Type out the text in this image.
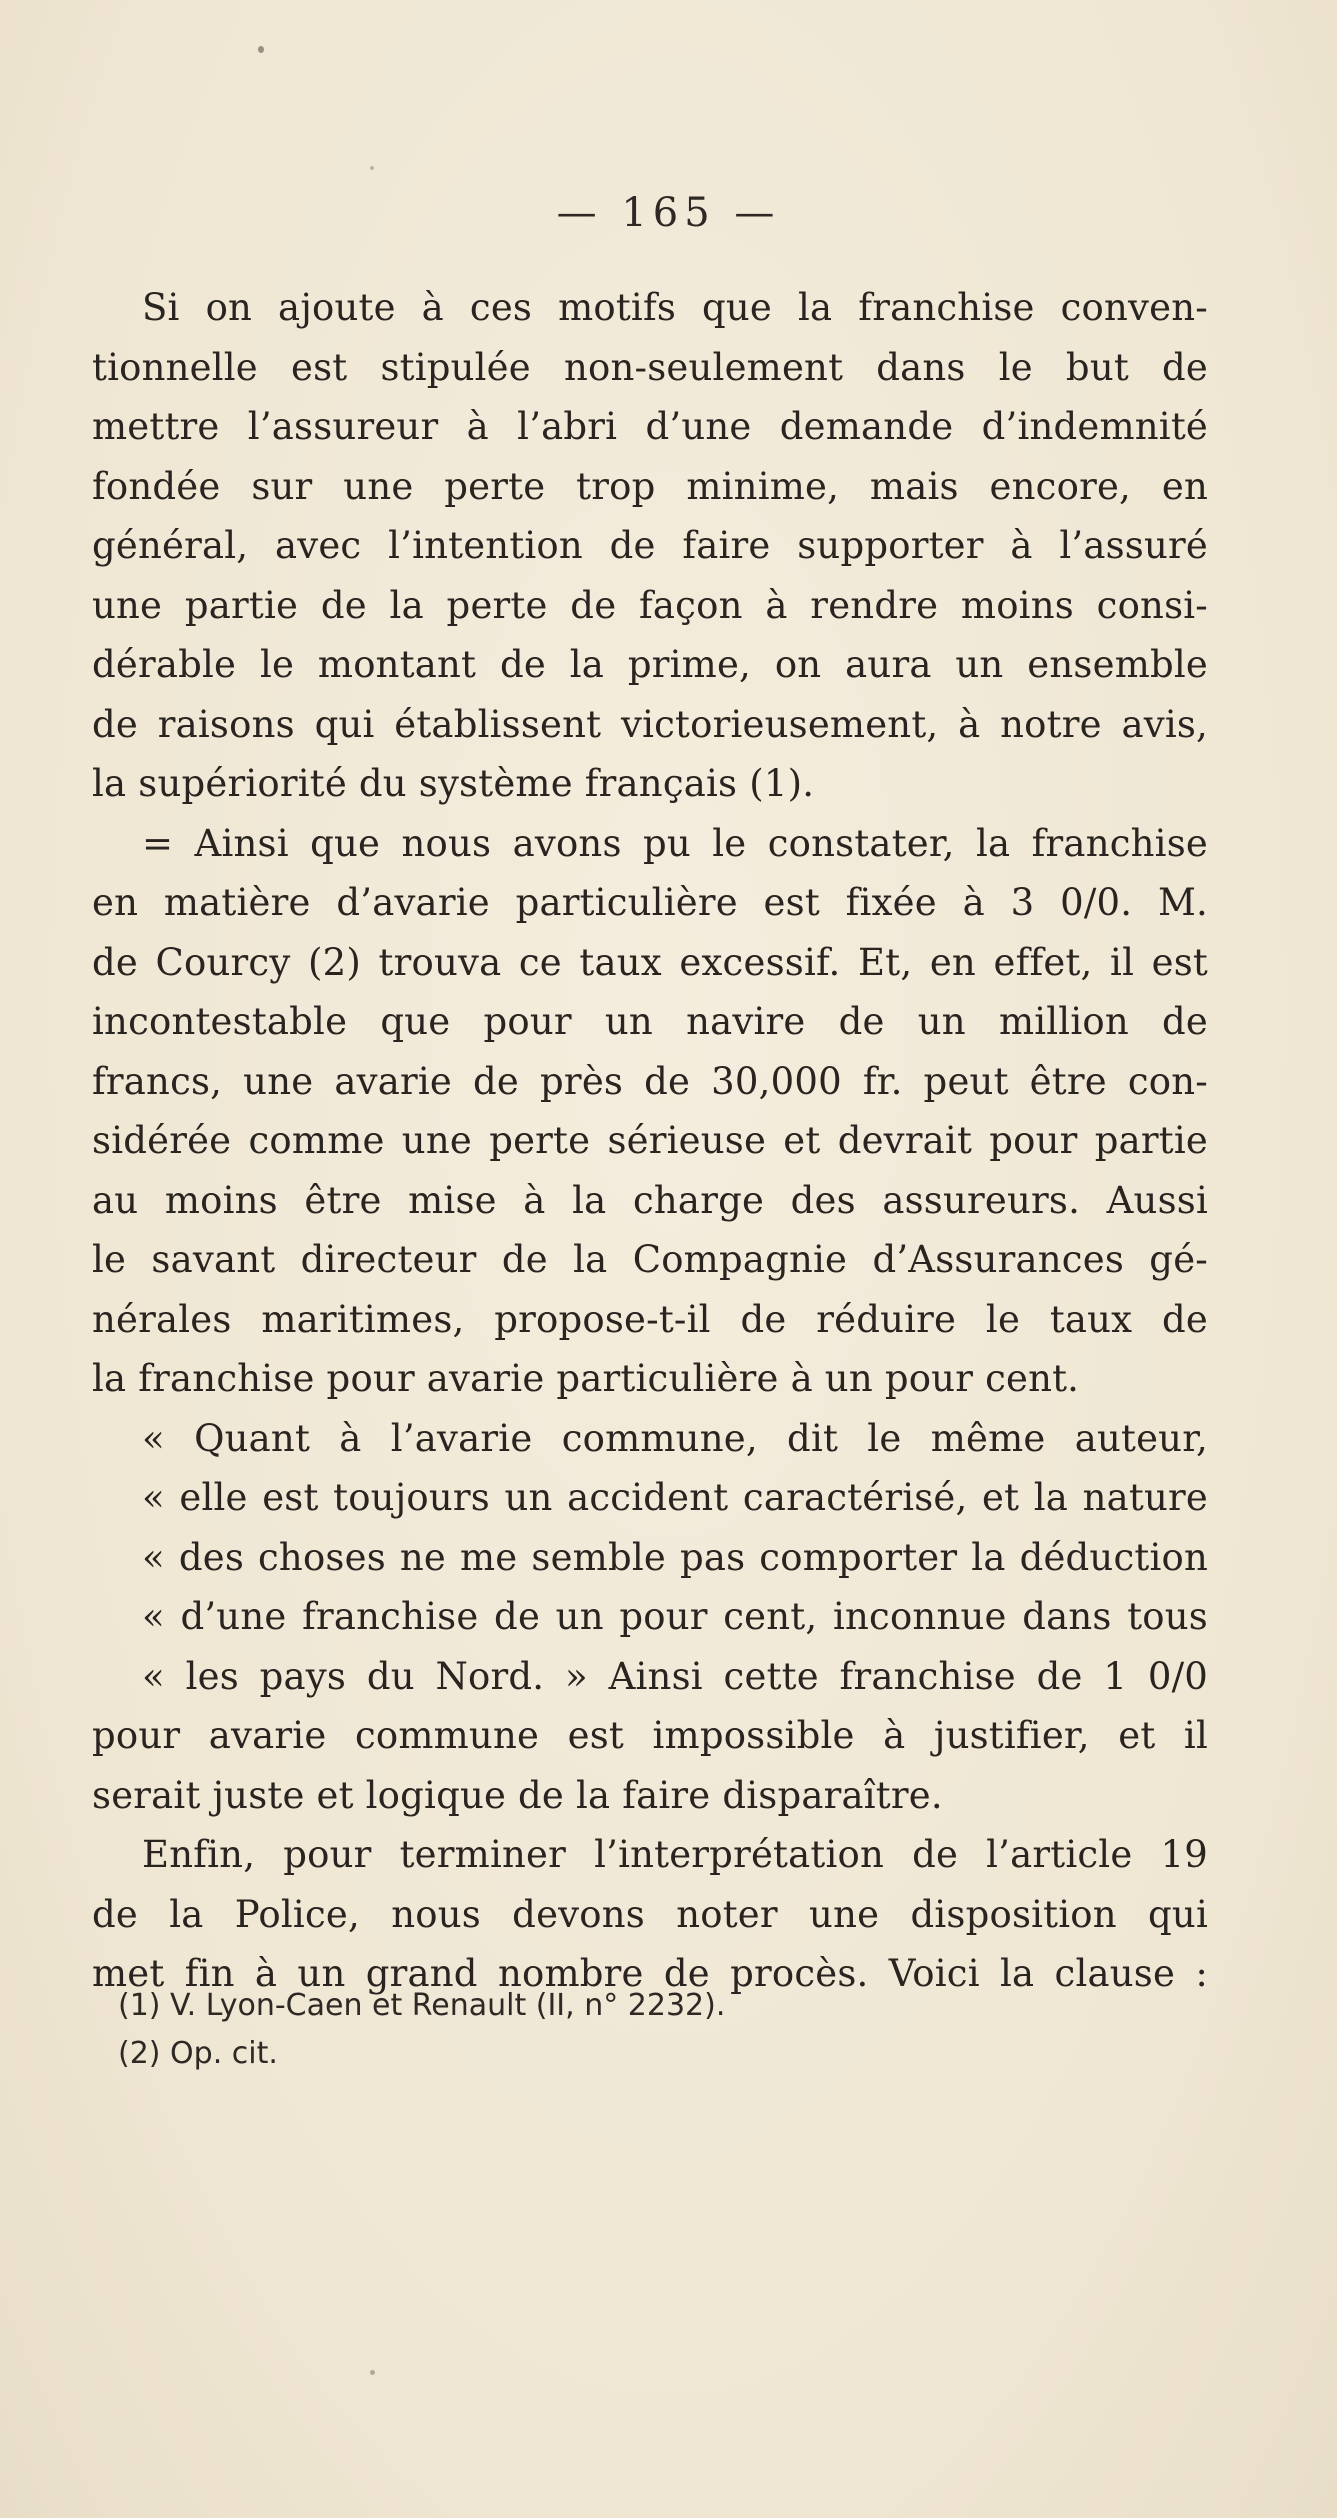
— 165 —
Si on ajoute à ces motifs que la franchise conven-
tionnelle est stipulée non-seulement dans le but de
mettre l’assureur à l’abri d’une demande d’indemnité
fondée sur une perte trop minime, mais encore, en
général, avec l’intention de faire supporter à l’assuré
une partie de la perte de façon à rendre moins consi-
dérable le montant de la prime, on aura un ensemble
de raisons qui établissent victorieusement, à notre avis,
la supériorité du système français (1).
= Ainsi que nous avons pu le constater, la franchise
en matière d’avarie particulière est fixée à 3 0/0. M.
de Courcy (2) trouva ce taux excessif. Et, en effet, il est
incontestable que pour un navire de un million de
francs, une avarie de près de 30,000 fr. peut être con-
sidérée comme une perte sérieuse et devrait pour partie
au moins être mise à la charge des assureurs. Aussi
le savant directeur de la Compagnie d’Assurances gé-
nérales maritimes, propose-t-il de réduire le taux de
la franchise pour avarie particulière à un pour cent.
« Quant à l’avarie commune, dit le même auteur,
« elle est toujours un accident caractérisé, et la nature
« des choses ne me semble pas comporter la déduction
« d’une franchise de un pour cent, inconnue dans tous
« les pays du Nord. » Ainsi cette franchise de 1 0/0
pour avarie commune est impossible à justifier, et il
serait juste et logique de la faire disparaître.
Enfin, pour terminer l’interprétation de l’article 19
de la Police, nous devons noter une disposition qui
met fin à un grand nombre de procès. Voici la clause :
(1) V. Lyon-Caen et Renault (II, n° 2232).
(2) Op. cit.
